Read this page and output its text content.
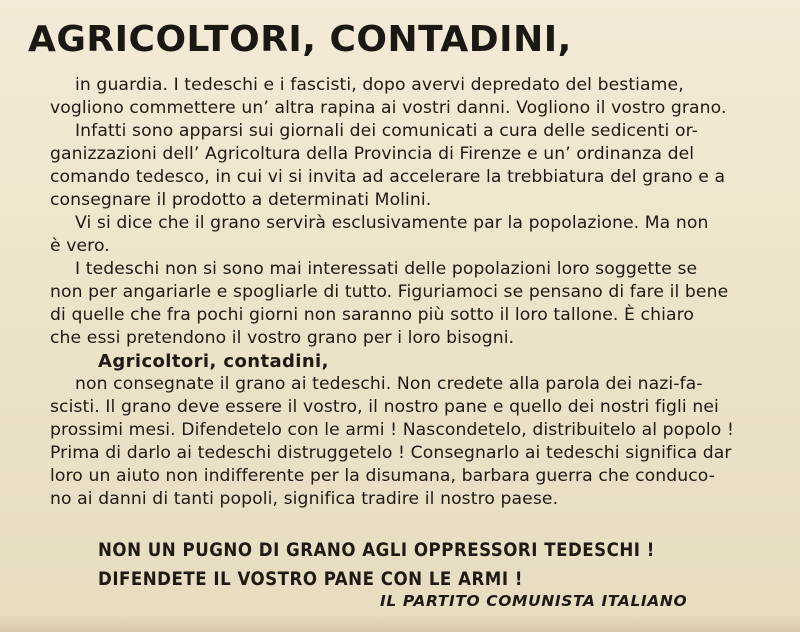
AGRICOLTORI, CONTADINI,

in guardia. I tedeschi e i fascisti, dopo avervi depredato del bestiame,

vogliono commettere un’ altra rapina ai vostri danni. Vogliono il vostro grano.

Infatti sono apparsi sui giornali dei comunicati a cura delle sedicenti or-

ganizzazioni dell’ Agricoltura della Provincia di Firenze e un’ ordinanza del

comando tedesco, in cui vi si invita ad accelerare la trebbiatura del grano e a

consegnare il prodotto a determinati Molini.

Vi si dice che il grano servirà esclusivamente par la popolazione. Ma non

è vero.

I tedeschi non si sono mai interessati delle popolazioni loro soggette se

non per angariarle e spogliarle di tutto. Figuriamoci se pensano di fare il bene

di quelle che fra pochi giorni non saranno più sotto il loro tallone. È chiaro

che essi pretendono il vostro grano per i loro bisogni.

Agricoltori, contadini,

non consegnate il grano ai tedeschi. Non credete alla parola dei nazi-fa-

scisti. Il grano deve essere il vostro, il nostro pane e quello dei nostri figli nei

prossimi mesi. Difendetelo con le armi ! Nascondetelo, distribuitelo al popolo !

Prima di darlo ai tedeschi distruggetelo ! Consegnarlo ai tedeschi significa dar

loro un aiuto non indifferente per la disumana, barbara guerra che conduco-

no ai danni di tanti popoli, significa tradire il nostro paese.

NON UN PUGNO DI GRANO AGLI OPPRESSORI TEDESCHI !
DIFENDETE IL VOSTRO PANE CON LE ARMI !
IL PARTITO COMUNISTA ITALIANO
